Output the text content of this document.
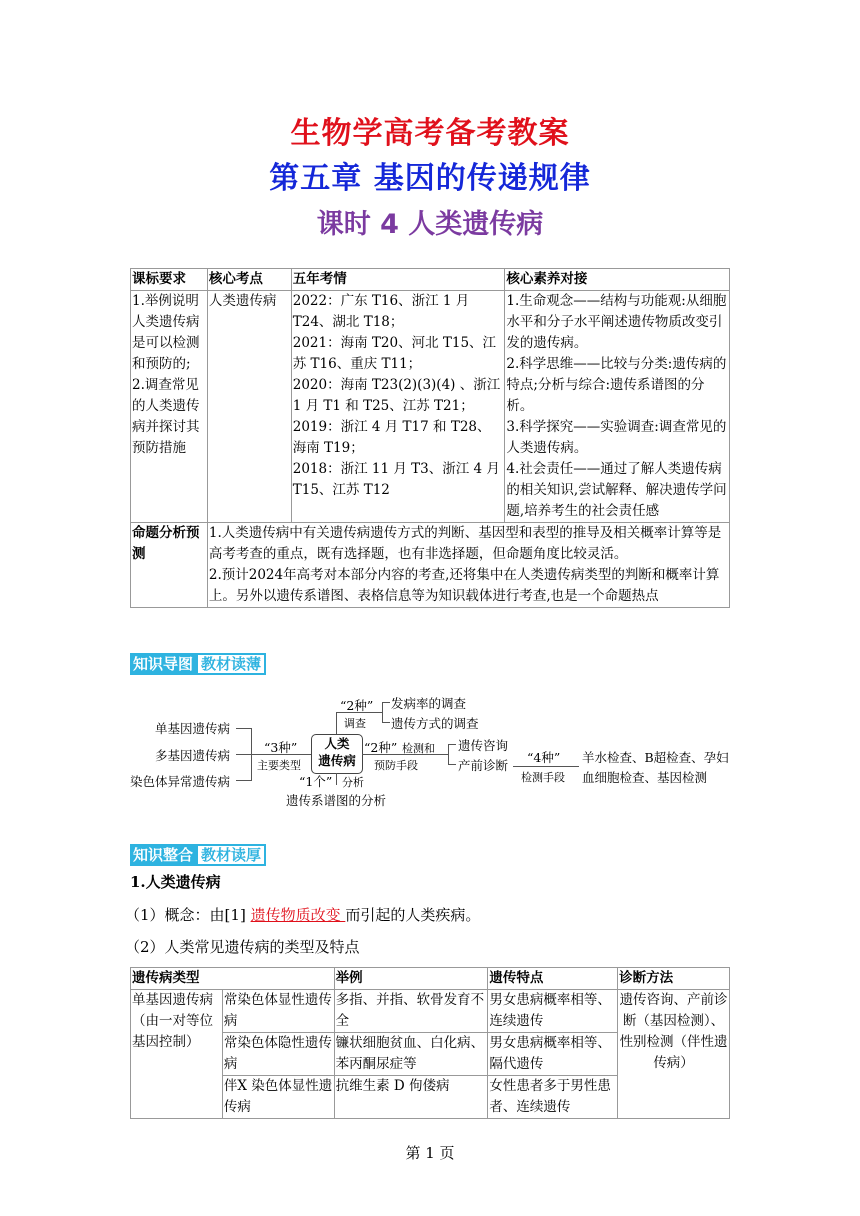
生物学高考备考教案
第五章 基因的传递规律
课时 4 人类遗传病
课标要求	核心考点	五年考情	核心素养对接
1.举例说明人类遗传病是可以检测和预防的;
2.调查常见的人类遗传病并探讨其预防措施	人类遗传病	2022：广东 T16、浙江 1 月 T24、湖北 T18；
2021：海南 T20、河北 T15、江苏 T16、重庆 T11；
2020：海南 T23(2)(3)(4) 、浙江 1 月 T1 和 T25、江苏 T21；
2019：浙江 4 月 T17 和 T28、海南 T19；
2018：浙江 11 月 T3、浙江 4 月 T15、江苏 T12	1.生命观念——结构与功能观:从细胞水平和分子水平阐述遗传物质改变引发的遗传病。
2.科学思维——比较与分类:遗传病的特点;分析与综合:遗传系谱图的分析。
3.科学探究——实验调查:调查常见的人类遗传病。
4.社会责任——通过了解人类遗传病的相关知识,尝试解释、解决遗传学问题,培养考生的社会责任感
命题分析预测	1.人类遗传病中有关遗传病遗传方式的判断、基因型和表型的推导及相关概率计算等是高考考查的重点，既有选择题，也有非选择题，但命题角度比较灵活。
2.预计2024年高考对本部分内容的考查,还将集中在人类遗传病类型的判断和概率计算上。另外以遗传系谱图、表格信息等为知识载体进行考查,也是一个命题热点		
知识导图 教材读薄
单基因遗传病
多基因遗传病
染色体异常遗传病
“3种”
主要类型
人类
遗传病
“2种”
调查
发病率的调查
遗传方式的调查
“2种” 检测和
预防手段
遗传咨询
产前诊断
“4种”
检测手段
羊水检查、B超检查、孕妇
血细胞检查、基因检测
“1个” 分析
遗传系谱图的分析
知识整合 教材读厚
1.人类遗传病
（1）概念：由[1] 遗传物质改变 而引起的人类疾病。
（2）人类常见遗传病的类型及特点
遗传病类型		举例	遗传特点	诊断方法
单基因遗传病（由一对等位基因控制）	常染色体显性遗传病	多指、并指、软骨发育不全	男女患病概率相等、连续遗传	遗传咨询、产前诊断（基因检测）、性别检测（伴性遗传病）
	常染色体隐性遗传病	镰状细胞贫血、白化病、苯丙酮尿症等	男女患病概率相等、隔代遗传	
	伴X 染色体显性遗传病	抗维生素 D 佝偻病	女性患者多于男性患者、连续遗传	
第 1 页
